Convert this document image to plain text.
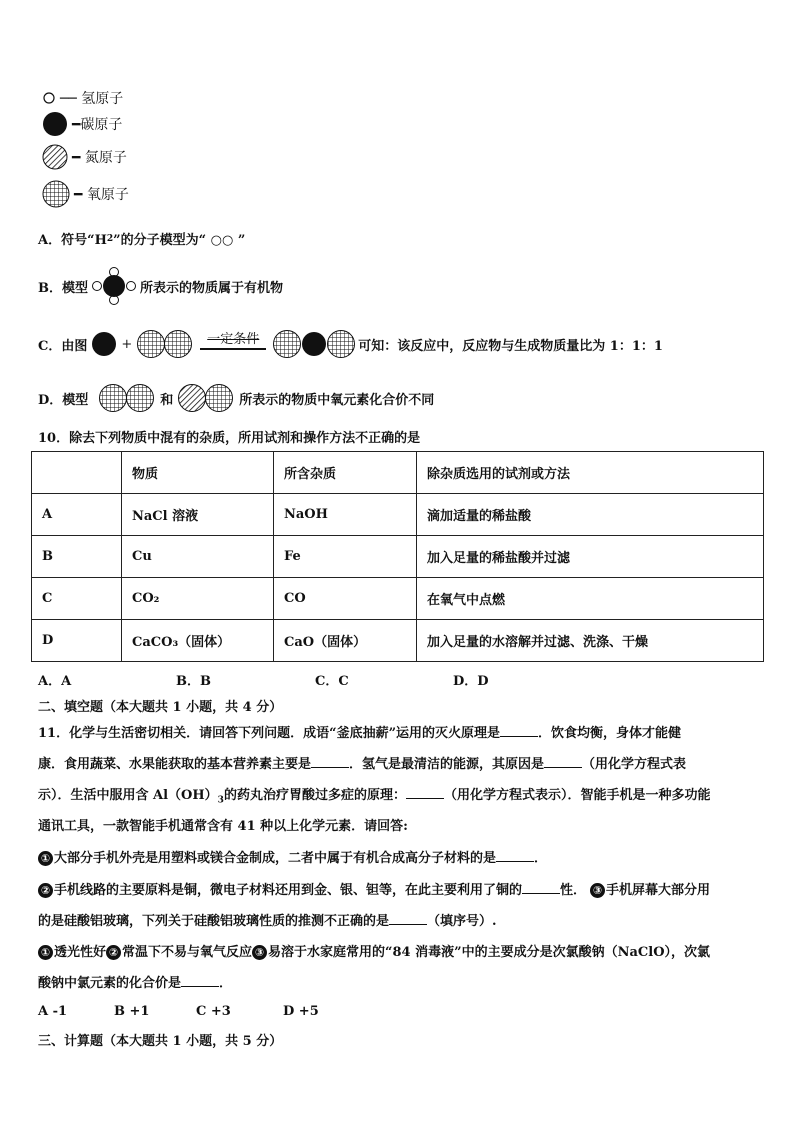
── 氢原子
━碳原子
━ 氮原子
━ 氧原子
A．符号“H 2 ”的分子模型为“ ○○ ”
B．模型	所表示的物质属于有机物
C．由图	+	一定条件	可知：该反应中，反应物与生成物质量比为 1：1：1
D．模型	和	所表示的物质中氧元素化合价不同
10．除去下列物质中混有的杂质，所用试剂和操作方法不正确的是
	物质	所含杂质	除杂质选用的试剂或方法
A	NaCl 溶液	NaOH	滴加适量的稀盐酸
B	Cu	Fe	加入足量的稀盐酸并过滤
C	CO₂	CO	在氧气中点燃
D	CaCO₃（固体）	CaO（固体）	加入足量的水溶解并过滤、洗涤、干燥
A．A	B．B	C．C	D．D
二、填空题（本大题共 1 小题，共 4 分）
11．化学与生活密切相关．请回答下列问题．成语“釜底抽薪”运用的灭火原理是	．饮食均衡，身体才能健
康．食用蔬菜、水果能获取的基本营养素主要是	．氢气是最清洁的能源，其原因是	（用化学方程式表
示）．生活中服用含 $Al(OH)_3$的药丸治疗胃酸过多症的原理：	（用化学方程式表示）．智能手机是一种多功能
通讯工具，一款智能手机通常含有 41 种以上化学元素．请回答:
① 大部分手机外壳是用塑料或镁合金制成，二者中属于有机合成高分子材料的是	．
② 手机线路的主要原料是铜，微电子材料还用到金、银、钽等，在此主要利用了铜的	性． ③ 手机屏幕大部分用
的是硅酸铝玻璃，下列关于硅酸铝玻璃性质的推测不正确的是	（填序号）.
① 透光性好 ② 常温下不易与氧气反应 ③ 易溶于水家庭常用的“84 消毒液”中的主要成分是次氯酸钠（NaClO），次氯
酸钠中氯元素的化合价是	．
A -1	B +1	C +3	D +5
三、计算题（本大题共 1 小题，共 5 分）
